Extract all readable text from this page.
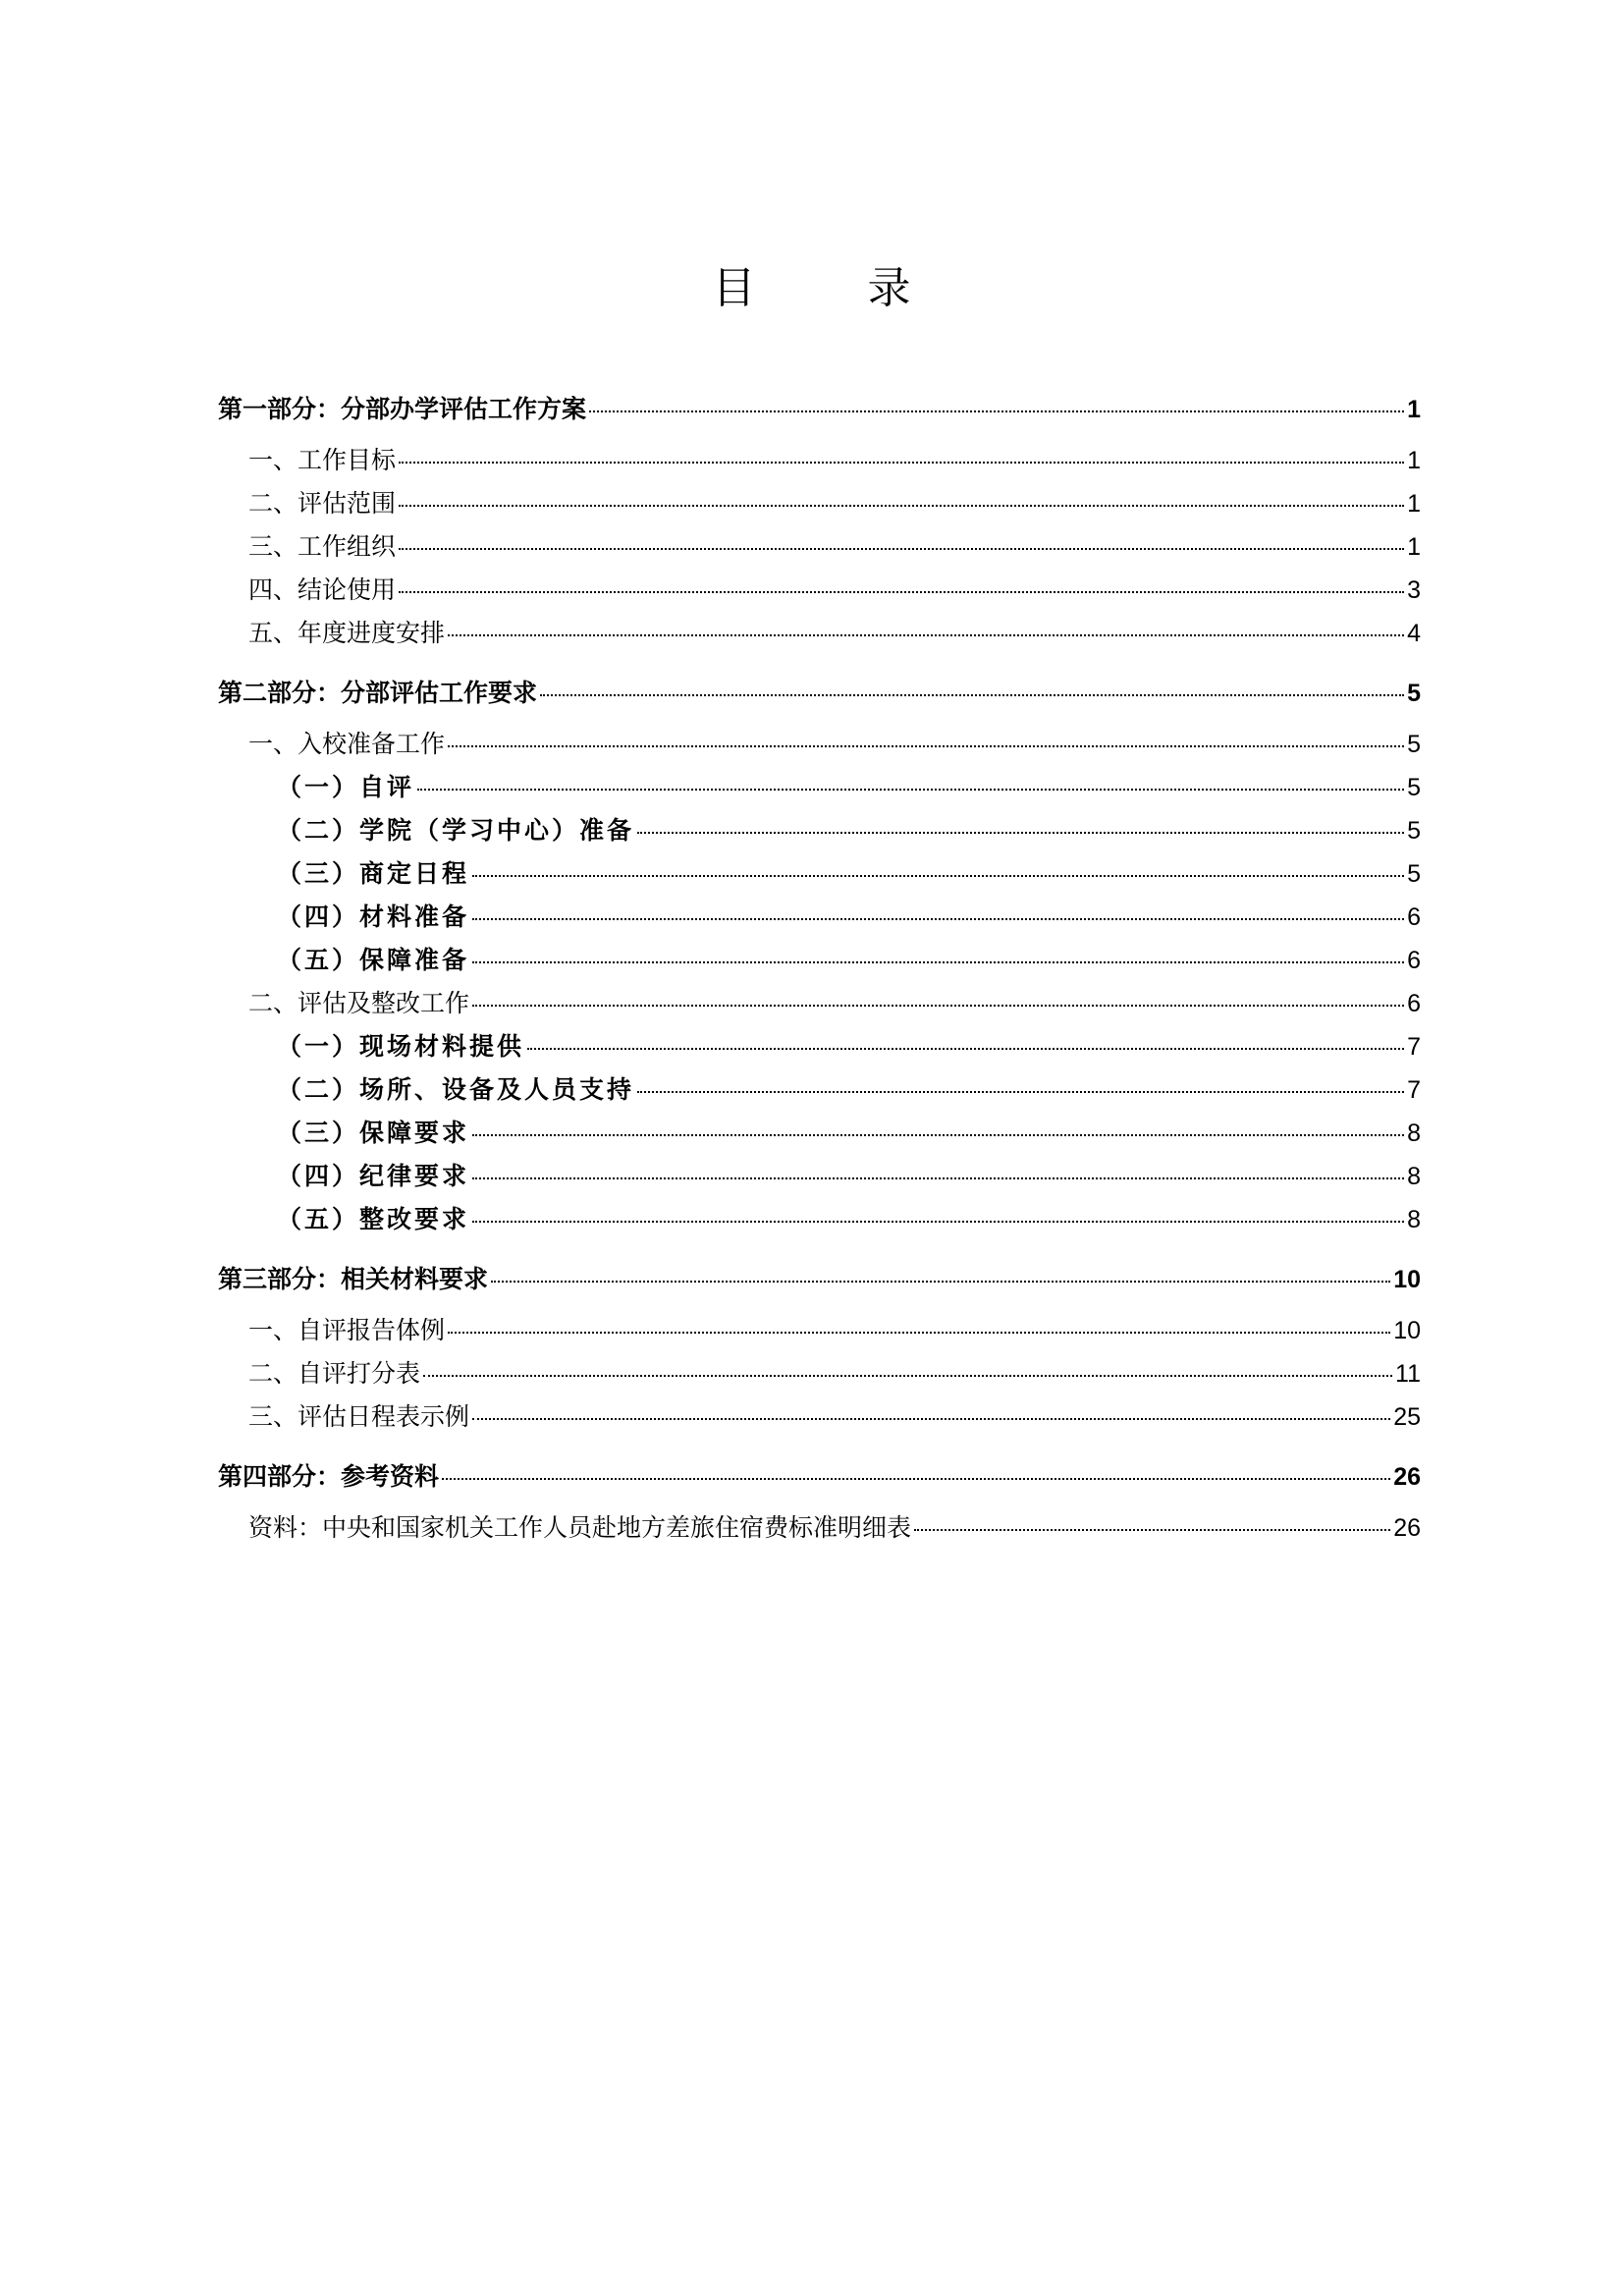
目 录
第一部分：分部办学评估工作方案	1
一、工作目标	1
二、评估范围	1
三、工作组织	1
四、结论使用	3
五、年度进度安排	4
第二部分：分部评估工作要求	5
一、入校准备工作	5
（一）自评	5
（二）学院（学习中心）准备	5
（三）商定日程	5
（四）材料准备	6
（五）保障准备	6
二、评估及整改工作	6
（一）现场材料提供	7
（二）场所、设备及人员支持	7
（三）保障要求	8
（四）纪律要求	8
（五）整改要求	8
第三部分：相关材料要求	10
一、自评报告体例	10
二、自评打分表	11
三、评估日程表示例	25
第四部分：参考资料	26
资料：中央和国家机关工作人员赴地方差旅住宿费标准明细表	26
